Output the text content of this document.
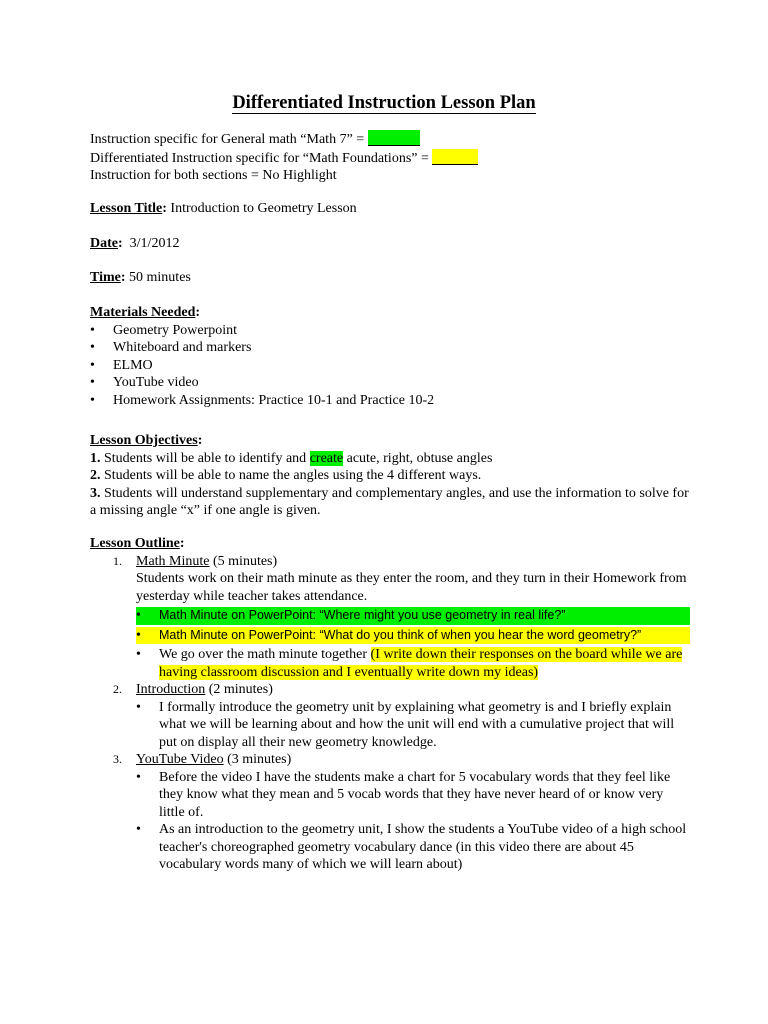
Differentiated Instruction Lesson Plan
Instruction specific for General math “Math 7” =
Differentiated Instruction specific for “Math Foundations” =
Instruction for both sections = No Highlight
Lesson Title: Introduction to Geometry Lesson
Date:  3/1/2012
Time: 50 minutes
Materials Needed:
• Geometry Powerpoint
• Whiteboard and markers
• ELMO
• YouTube video
• Homework Assignments: Practice 10-1 and Practice 10-2
Lesson Objectives:
1. Students will be able to identify and create acute, right, obtuse angles
2. Students will be able to name the angles using the 4 different ways.
3. Students will understand supplementary and complementary angles, and use the information to solve for a missing angle “x” if one angle is given.
Lesson Outline:
1. Math Minute (5 minutes)
Students work on their math minute as they enter the room, and they turn in their Homework from yesterday while teacher takes attendance.
• Math Minute on PowerPoint: “Where might you use geometry in real life?”
• Math Minute on PowerPoint: “What do you think of when you hear the word geometry?”
• We go over the math minute together (I write down their responses on the board while we are having classroom discussion and I eventually write down my ideas)
2. Introduction (2 minutes)
• I formally introduce the geometry unit by explaining what geometry is and I briefly explain what we will be learning about and how the unit will end with a cumulative project that will put on display all their new geometry knowledge.
3. YouTube Video (3 minutes)
• Before the video I have the students make a chart for 5 vocabulary words that they feel like they know what they mean and 5 vocab words that they have never heard of or know very little of.
• As an introduction to the geometry unit, I show the students a YouTube video of a high school teacher's choreographed geometry vocabulary dance (in this video there are about 45 vocabulary words many of which we will learn about)
